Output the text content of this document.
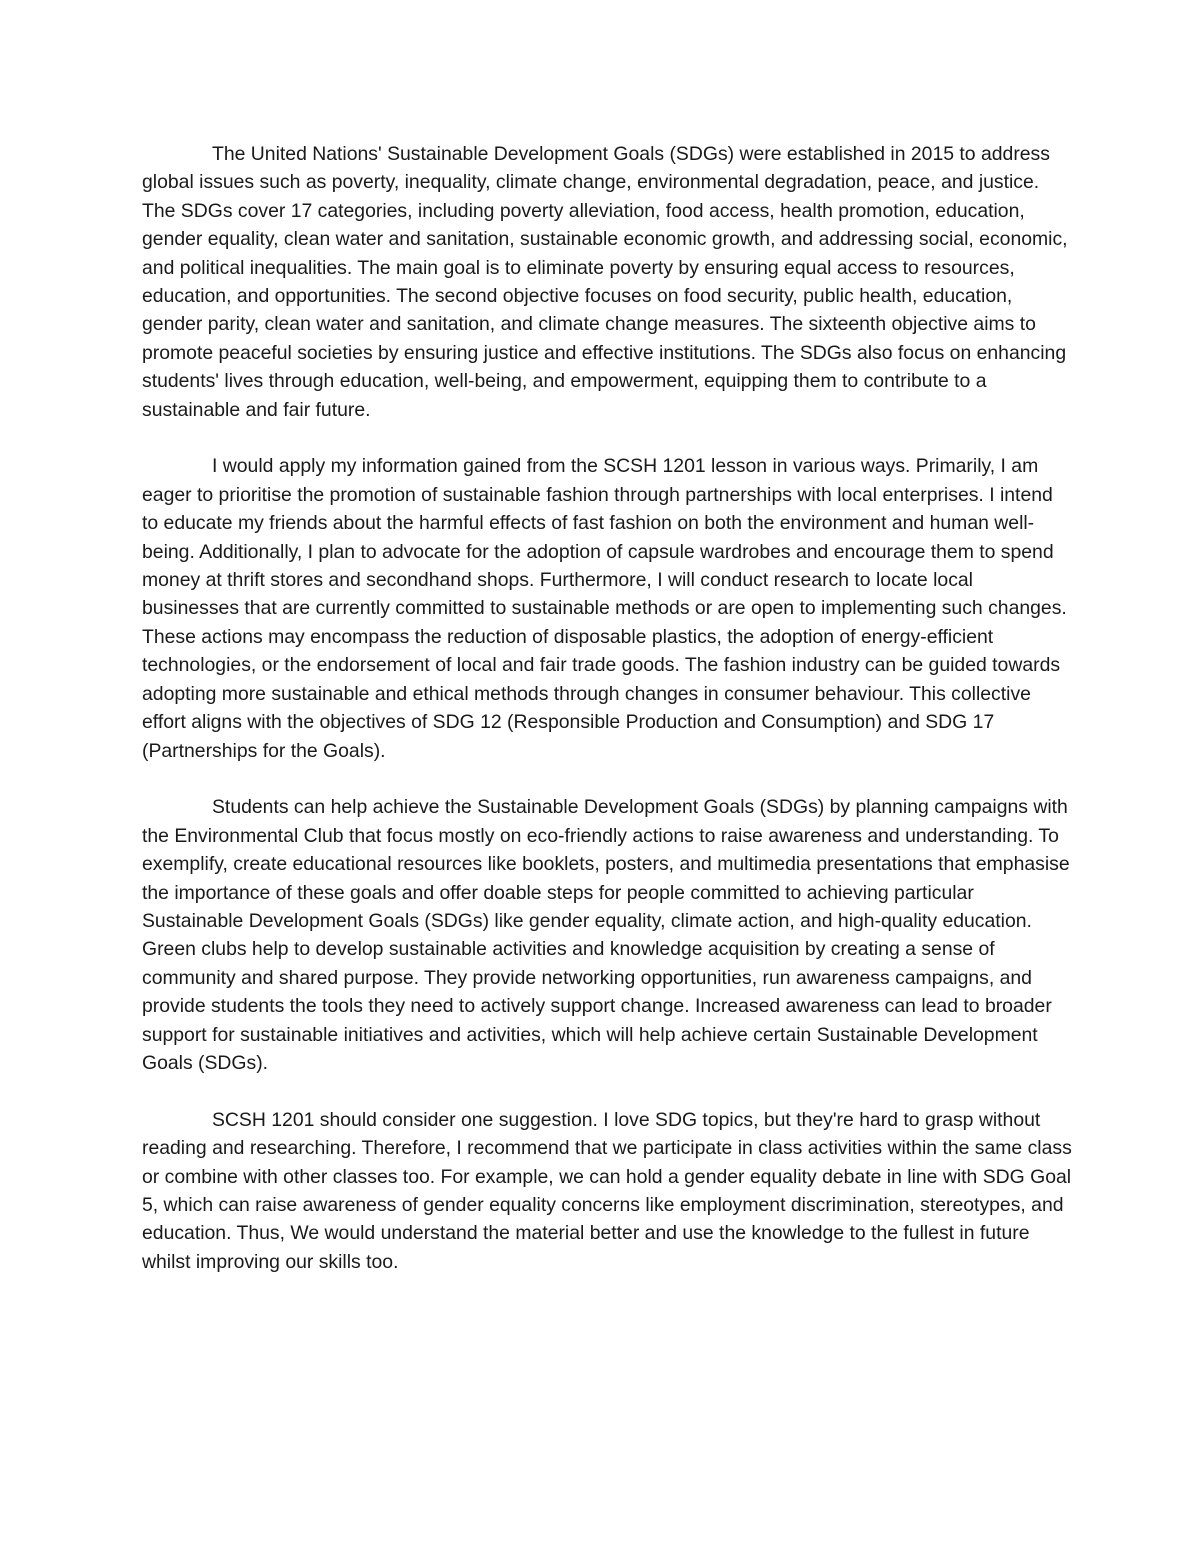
The United Nations' Sustainable Development Goals (SDGs) were established in 2015 to address global issues such as poverty, inequality, climate change, environmental degradation, peace, and justice. The SDGs cover 17 categories, including poverty alleviation, food access, health promotion, education, gender equality, clean water and sanitation, sustainable economic growth, and addressing social, economic, and political inequalities. The main goal is to eliminate poverty by ensuring equal access to resources, education, and opportunities. The second objective focuses on food security, public health, education, gender parity, clean water and sanitation, and climate change measures. The sixteenth objective aims to promote peaceful societies by ensuring justice and effective institutions. The SDGs also focus on enhancing students' lives through education, well-being, and empowerment, equipping them to contribute to a sustainable and fair future.

I would apply my information gained from the SCSH 1201 lesson in various ways. Primarily, I am eager to prioritise the promotion of sustainable fashion through partnerships with local enterprises. I intend to educate my friends about the harmful effects of fast fashion on both the environment and human well-being. Additionally, I plan to advocate for the adoption of capsule wardrobes and encourage them to spend money at thrift stores and secondhand shops. Furthermore, I will conduct research to locate local businesses that are currently committed to sustainable methods or are open to implementing such changes. These actions may encompass the reduction of disposable plastics, the adoption of energy-efficient technologies, or the endorsement of local and fair trade goods. The fashion industry can be guided towards adopting more sustainable and ethical methods through changes in consumer behaviour. This collective effort aligns with the objectives of SDG 12 (Responsible Production and Consumption) and SDG 17 (Partnerships for the Goals).

Students can help achieve the Sustainable Development Goals (SDGs) by planning campaigns with the Environmental Club that focus mostly on eco-friendly actions to raise awareness and understanding. To exemplify, create educational resources like booklets, posters, and multimedia presentations that emphasise the importance of these goals and offer doable steps for people committed to achieving particular Sustainable Development Goals (SDGs) like gender equality, climate action, and high-quality education. Green clubs help to develop sustainable activities and knowledge acquisition by creating a sense of community and shared purpose. They provide networking opportunities, run awareness campaigns, and provide students the tools they need to actively support change. Increased awareness can lead to broader support for sustainable initiatives and activities, which will help achieve certain Sustainable Development Goals (SDGs).

SCSH 1201 should consider one suggestion. I love SDG topics, but they're hard to grasp without reading and researching. Therefore, I recommend that we participate in class activities within the same class or combine with other classes too. For example, we can hold a gender equality debate in line with SDG Goal 5, which can raise awareness of gender equality concerns like employment discrimination, stereotypes, and education. Thus, We would understand the material better and use the knowledge to the fullest in future whilst improving our skills too.
